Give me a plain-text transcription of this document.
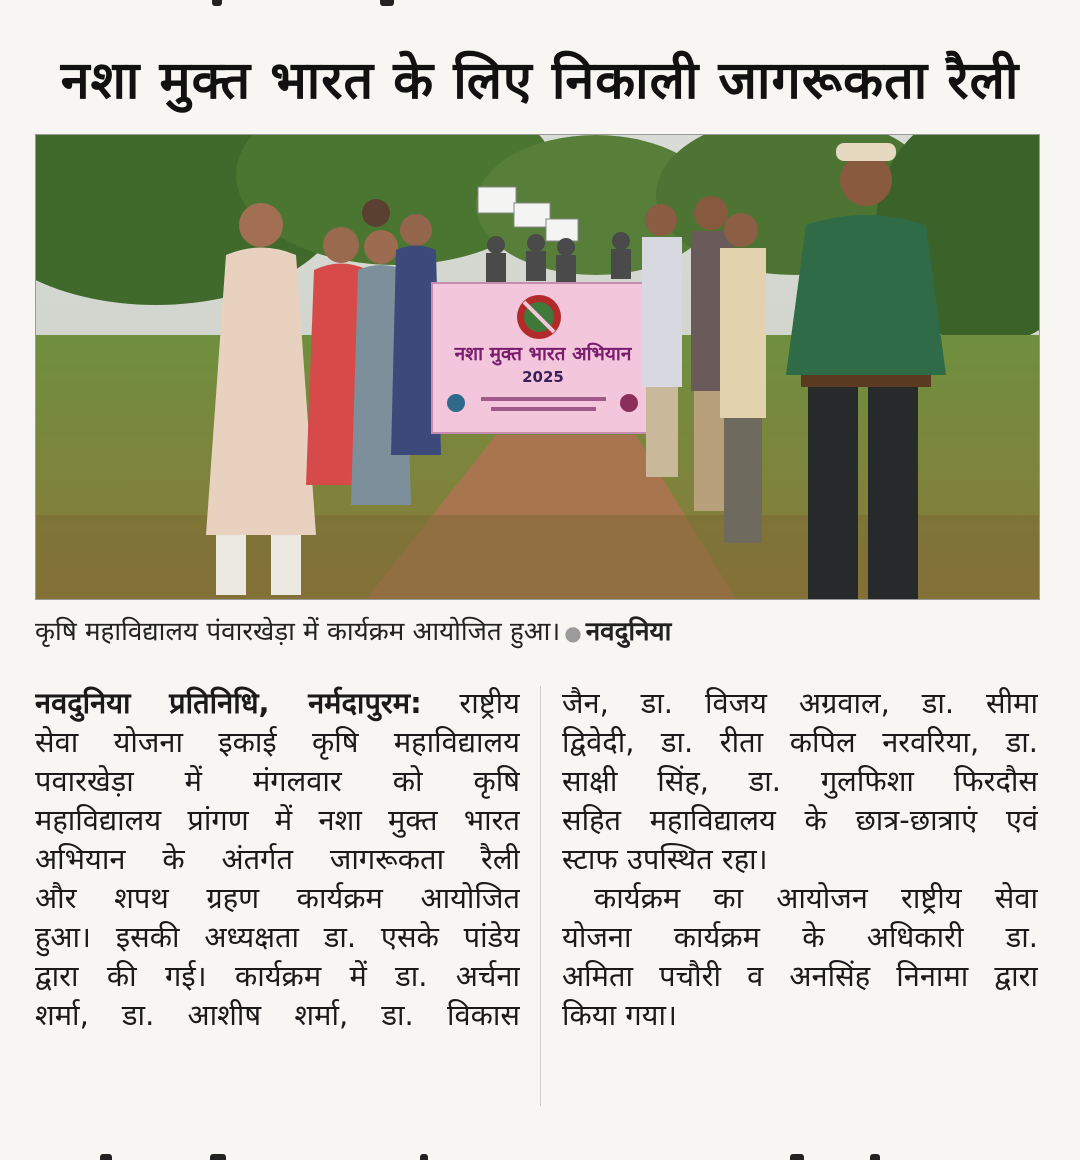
नशा मुक्त भारत के लिए निकाली जागरूकता रैली
नशा मुक्त भारत अभियान
2025
कृषि महाविद्यालय पंवारखेड़ा में कार्यक्रम आयोजित हुआ। ● नवदुनिया
नवदुनिया प्रतिनिधि, नर्मदापुरम: राष्ट्रीय
सेवा योजना इकाई कृषि महाविद्यालय
पवारखेड़ा में मंगलवार को कृषि
महाविद्यालय प्रांगण में नशा मुक्त भारत
अभियान के अंतर्गत जागरूकता रैली
और शपथ ग्रहण कार्यक्रम आयोजित
हुआ। इसकी अध्यक्षता डा. एसके पांडेय
द्वारा की गई। कार्यक्रम में डा. अर्चना
शर्मा, डा. आशीष शर्मा, डा. विकास
जैन, डा. विजय अग्रवाल, डा. सीमा
द्विवेदी, डा. रीता कपिल नरवरिया, डा.
साक्षी सिंह, डा. गुलफिशा फिरदौस
सहित महाविद्यालय के छात्र-छात्राएं एवं
स्टाफ उपस्थित रहा।
कार्यक्रम का आयोजन राष्ट्रीय सेवा
योजना कार्यक्रम के अधिकारी डा.
अमिता पचौरी व अनसिंह निनामा द्वारा
किया गया।
